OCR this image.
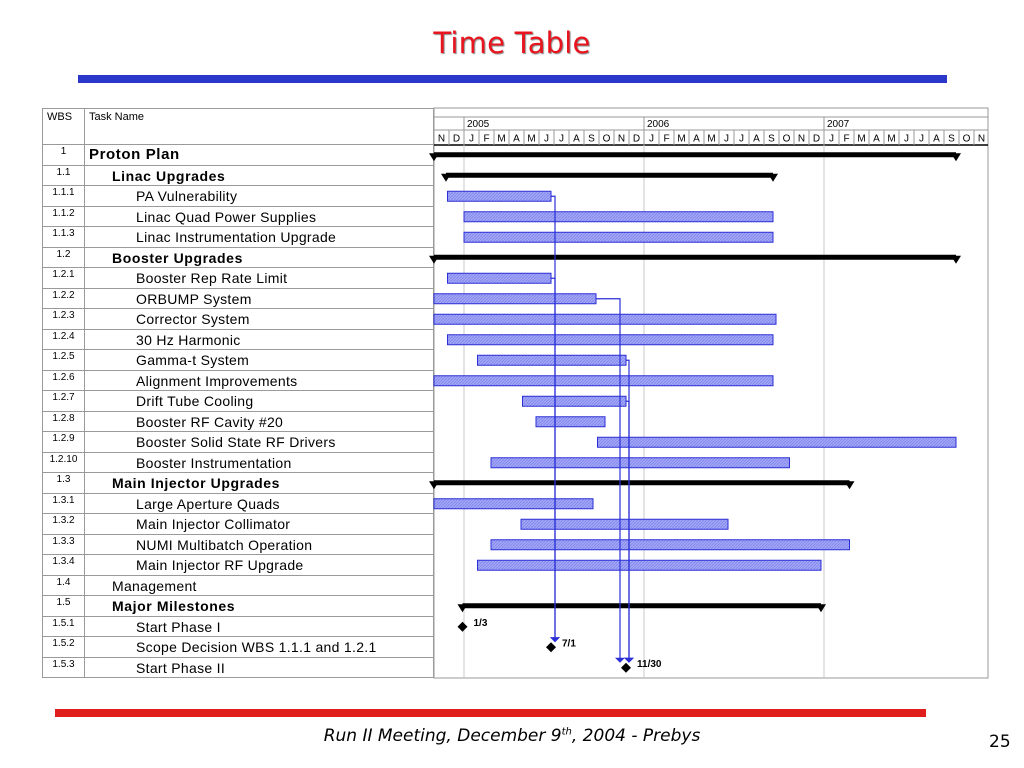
Time Table
WBS	Task Name
1	Proton Plan
1.1	Linac Upgrades
1.1.1	PA Vulnerability
1.1.2	Linac Quad Power Supplies
1.1.3	Linac Instrumentation Upgrade
1.2	Booster Upgrades
1.2.1	Booster Rep Rate Limit
1.2.2	ORBUMP System
1.2.3	Corrector System
1.2.4	30 Hz Harmonic
1.2.5	Gamma-t System
1.2.6	Alignment Improvements
1.2.7	Drift Tube Cooling
1.2.8	Booster RF Cavity #20
1.2.9	Booster Solid State RF Drivers
1.2.10	Booster Instrumentation
1.3	Main Injector Upgrades
1.3.1	Large Aperture Quads
1.3.2	Main Injector Collimator
1.3.3	NUMI Multibatch Operation
1.3.4	Main Injector RF Upgrade
1.4	Management
1.5	Major Milestones
1.5.1	Start Phase I
1.5.2	Scope Decision WBS 1.1.1 and 1.2.1
1.5.3	Start Phase II
2005	2006	2007
N D J F M A M J J A S O N D J F M A M J J A S O N D J F M A M J J A S O N
1/3
7/1
11/30
Run II Meeting, December 9th, 2004 - Prebys	25
